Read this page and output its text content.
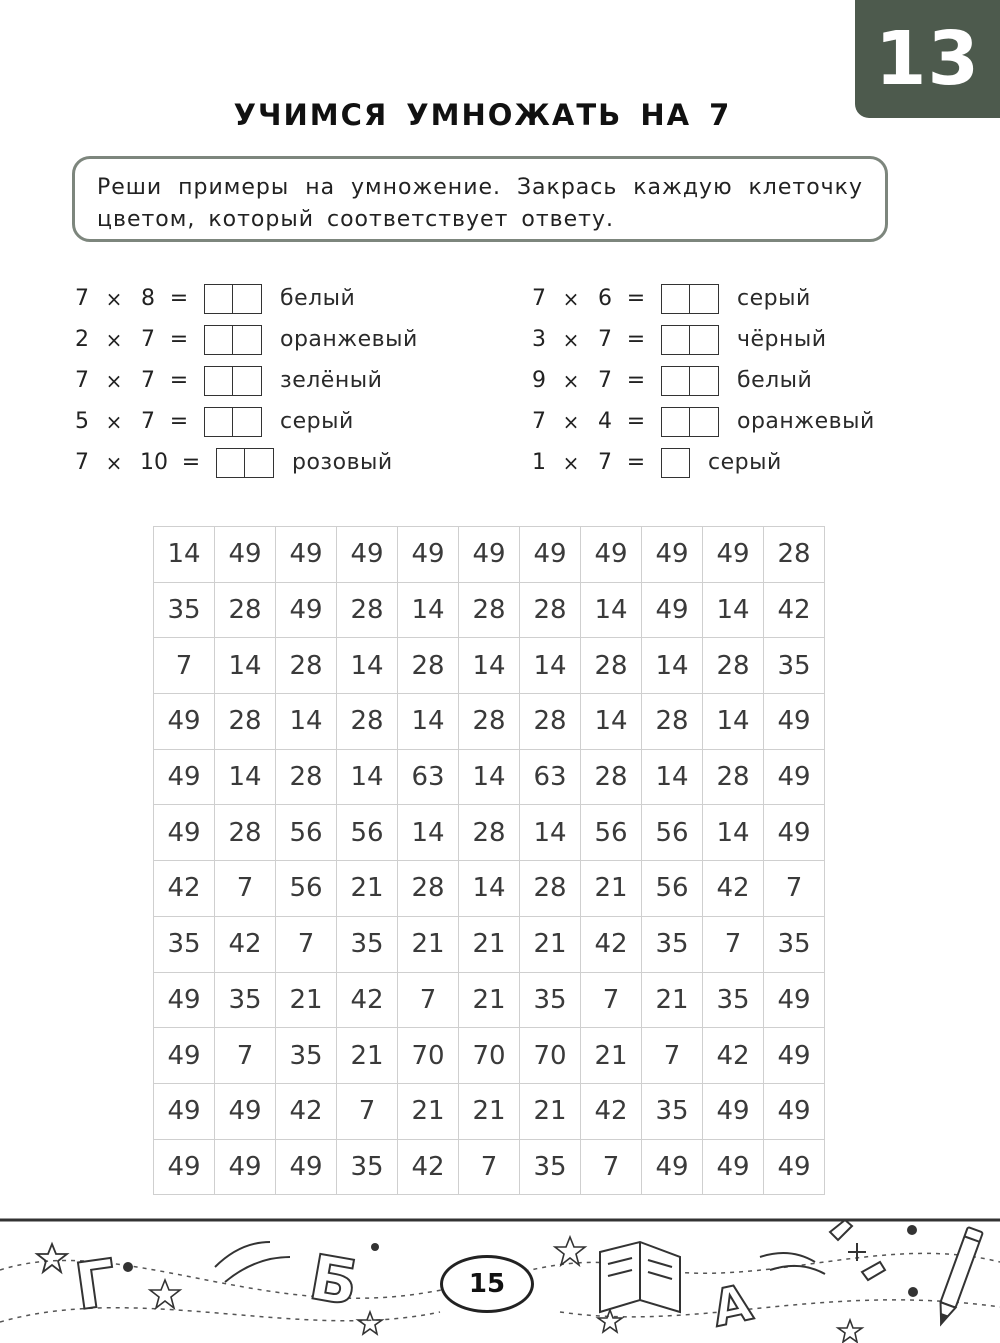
13
УЧИМСЯ УМНОЖАТЬ НА 7
Реши примеры на умножение. Закрась каждую клеточку цветом, который соответствует ответу.
7 × 8 =	белый
2 × 7 =	оранжевый
7 × 7 =	зелёный
5 × 7 =	серый
7 × 10 =	розовый
7 × 6 =	серый
3 × 7 =	чёрный
9 × 7 =	белый
7 × 4 =	оранжевый
1 × 7 =	серый
14	49	49	49	49	49	49	49	49	49	28
35	28	49	28	14	28	28	14	49	14	42
7	14	28	14	28	14	14	28	14	28	35
49	28	14	28	14	28	28	14	28	14	49
49	14	28	14	63	14	63	28	14	28	49
49	28	56	56	14	28	14	56	56	14	49
42	7	56	21	28	14	28	21	56	42	7
35	42	7	35	21	21	21	42	35	7	35
49	35	21	42	7	21	35	7	21	35	49
49	7	35	21	70	70	70	21	7	42	49
49	49	42	7	21	21	21	42	35	49	49
49	49	49	35	42	7	35	7	49	49	49
Г	Б	А
15
